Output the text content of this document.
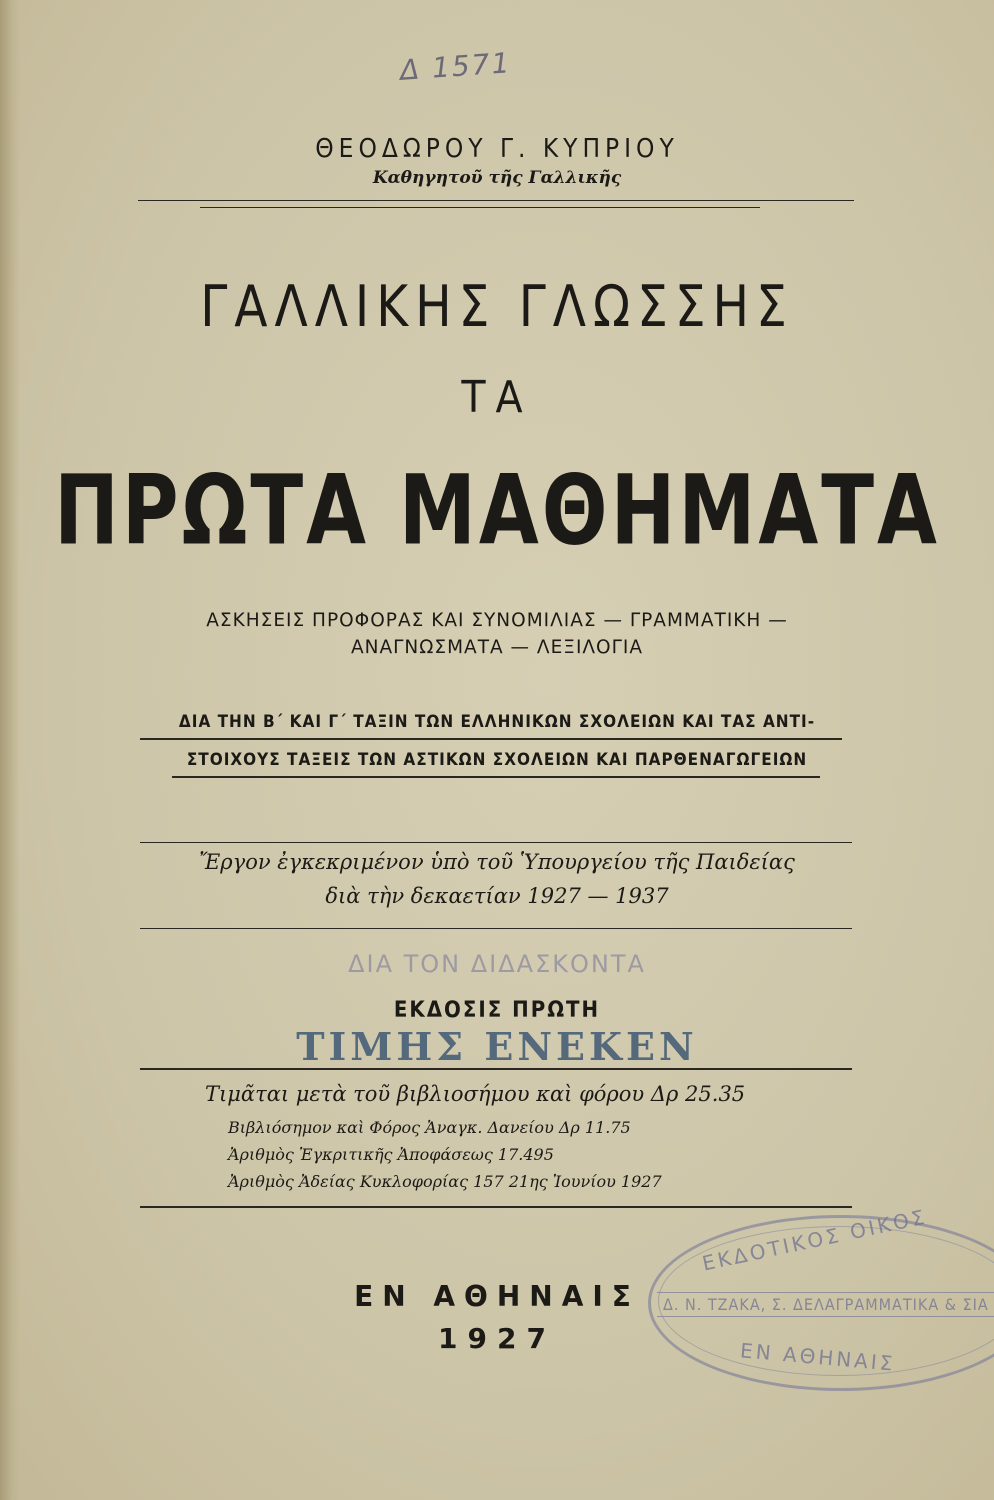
Δ 1571
ΘΕΟΔΩΡΟΥ Γ. ΚΥΠΡΙΟΥ
Καθηγητοῦ τῆς Γαλλικῆς
ΓΑΛΛΙΚΗΣ ΓΛΩΣΣΗΣ
ΤΑ
ΠΡΩΤΑ ΜΑΘΗΜΑΤΑ
ΑΣΚΗΣΕΙΣ ΠΡΟΦΟΡΑΣ ΚΑΙ ΣΥΝΟΜΙΛΙΑΣ — ΓΡΑΜΜΑΤΙΚΗ —
ΑΝΑΓΝΩΣΜΑΤΑ — ΛΕΞΙΛΟΓΙΑ
ΔΙΑ ΤΗΝ Β΄ ΚΑΙ Γ΄ ΤΑΞΙΝ ΤΩΝ ΕΛΛΗΝΙΚΩΝ ΣΧΟΛΕΙΩΝ ΚΑΙ ΤΑΣ ΑΝΤΙ-
ΣΤΟΙΧΟΥΣ ΤΑΞΕΙΣ ΤΩΝ ΑΣΤΙΚΩΝ ΣΧΟΛΕΙΩΝ ΚΑΙ ΠΑΡΘΕΝΑΓΩΓΕΙΩΝ
Ἔργον ἐγκεκριμένον ὑπὸ τοῦ Ὑπουργείου τῆς Παιδείας
διὰ τὴν δεκαετίαν 1927 — 1937
ΔΙΑ ΤΟΝ ΔΙΔΑΣΚΟΝΤΑ
ΕΚΔΟΣΙΣ ΠΡΩΤΗ
ΤΙΜΗΣ ΕΝΕΚΕΝ
Τιμᾶται μετὰ τοῦ βιβλιοσήμου καὶ φόρου Δρ 25.35
Βιβλιόσημον καὶ Φόρος Ἀναγκ. Δανείου Δρ 11.75
Ἀριθμὸς Ἐγκριτικῆς Ἀποφάσεως 17.495
Ἀριθμὸς Ἀδείας Κυκλοφορίας 157 21ης Ἰουνίου 1927
ΕΝ ΑΘΗΝΑΙΣ
1927
ΕΚΔΟΤΙΚΟΣ ΟΙΚΟΣ
Δ. Ν. ΤΖΑΚΑ, Σ. ΔΕΛΑΓΡΑΜΜΑΤΙΚΑ & ΣΙΑ
ΕΝ ΑΘΗΝΑΙΣ
